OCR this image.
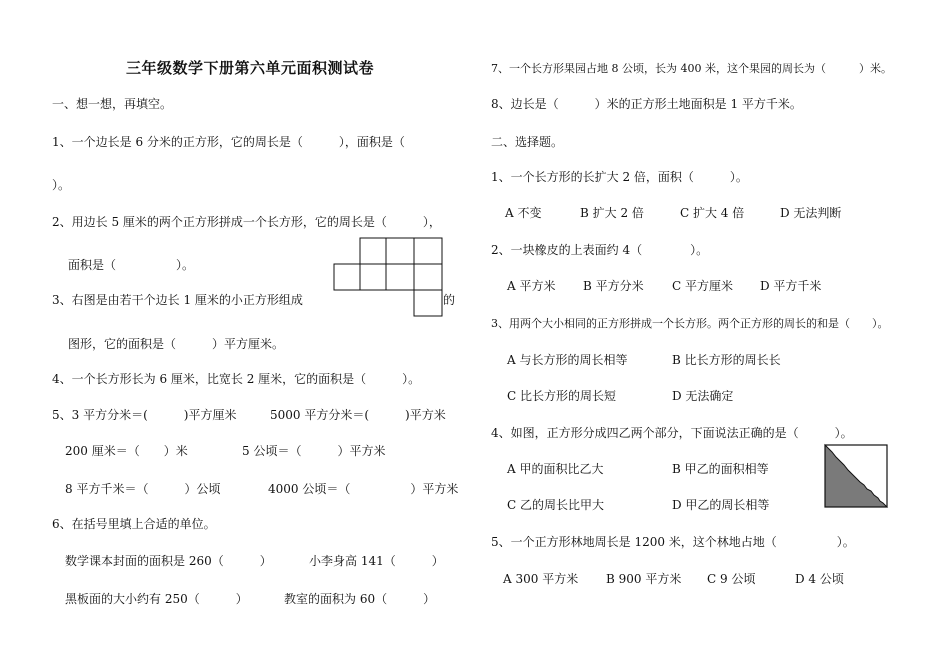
三年级数学下册第六单元面积测试卷
一、想一想，再填空。
1、一个边长是 6 分米的正方形，它的周长是（　　　），面积是（
）。
2、用边长 5 厘米的两个正方形拼成一个长方形，它的周长是（　　　），
面积是（　　　　　）。
3、右图是由若干个边长 1 厘米的小正方形组成	的
图形，它的面积是（　　　）平方厘米。
4、一个长方形长为 6 厘米，比宽长 2 厘米，它的面积是（　　　）。
5、3 平方分米＝(　　　)平方厘米	5000 平方分米＝(　　　)平方米
200 厘米＝（　　）米	5 公顷＝（　　　）平方米
8 平方千米＝（　　　）公顷	4000 公顷＝（　　　　　）平方米
6、在括号里填上合适的单位。
数学课本封面的面积是 260（　　　）	小李身高 141（　　　）
黑板面的大小约有 250（　　　）	教室的面积为 60（　　　）
7、一个长方形果园占地 8 公顷，长为 400 米，这个果园的周长为（　　　）米。
8、边长是（　　　）米的正方形土地面积是 1 平方千米。
二、选择题。
1、一个长方形的长扩大 2 倍，面积（　　　）。
A 不变	B 扩大 2 倍	C 扩大 4 倍	D 无法判断
2、一块橡皮的上表面约 4（　　　　）。
A 平方米 B 平方分米 C 平方厘米 D 平方千米
3、用两个大小相同的正方形拼成一个长方形。两个正方形的周长的和是（　　）。
A 与长方形的周长相等	B 比长方形的周长长
C 比长方形的周长短	D 无法确定
4、如图，正方形分成四乙两个部分，下面说法正确的是（　　　）。
A 甲的面积比乙大	B 甲乙的面积相等
C 乙的周长比甲大	D 甲乙的周长相等
5、一个正方形林地周长是 1200 米，这个林地占地（　　　　　）。
A 300 平方米 B 900 平方米 C 9 公顷	D 4 公顷
